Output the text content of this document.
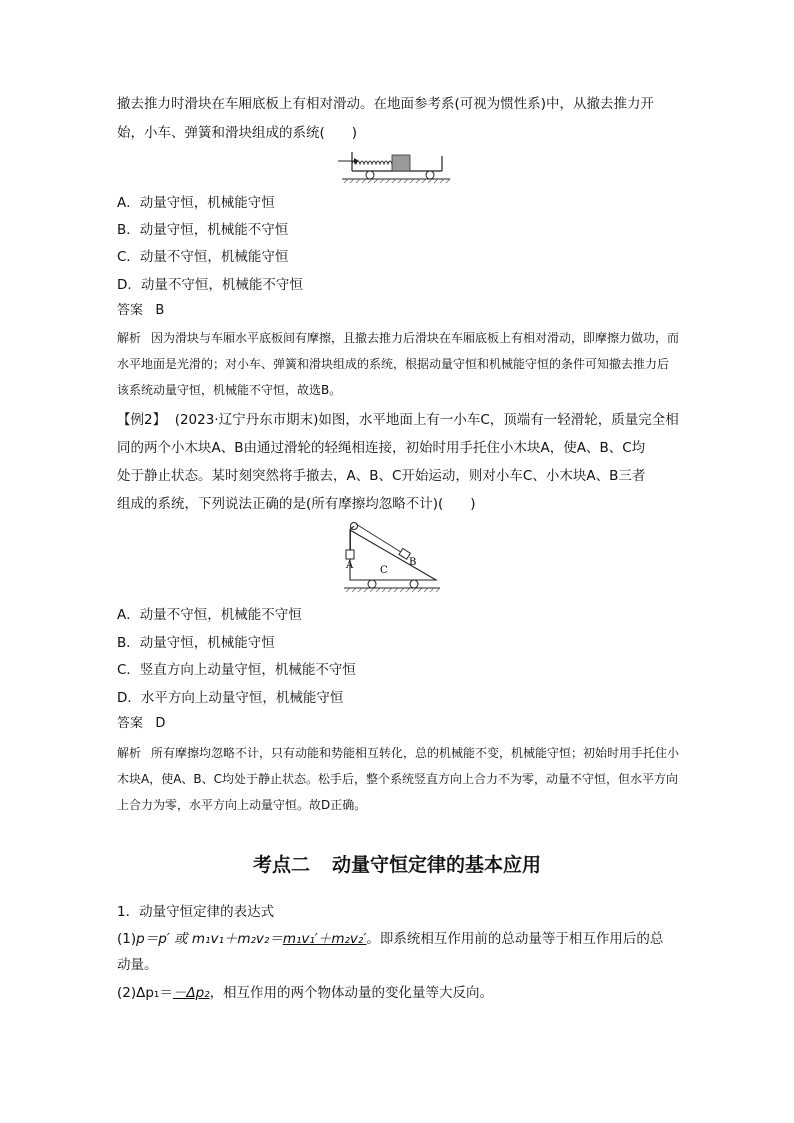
撤去推力时滑块在车厢底板上有相对滑动。在地面参考系(可视为惯性系)中，从撤去推力开
始，小车、弹簧和滑块组成的系统(　　)
A．动量守恒，机械能守恒
B．动量守恒，机械能不守恒
C．动量不守恒，机械能守恒
D．动量不守恒，机械能不守恒
答案 B
解析 因为滑块与车厢水平底板间有摩擦，且撤去推力后滑块在车厢底板上有相对滑动，即摩擦力做功，而水平地面是光滑的；对小车、弹簧和滑块组成的系统，根据动量守恒和机械能守恒的条件可知撤去推力后该系统动量守恒，机械能不守恒，故选B。
【例2】 (2023·辽宁丹东市期末)如图，水平地面上有一小车C，顶端有一轻滑轮，质量完全相
同的两个小木块A、B由通过滑轮的轻绳相连接，初始时用手托住小木块A，使A、B、C均
处于静止状态。某时刻突然将手撤去，A、B、C开始运动，则对小车C、小木块A、B三者
组成的系统，下列说法正确的是(所有摩擦均忽略不计)(　　)
A	B
C
A．动量不守恒，机械能不守恒
B．动量守恒，机械能守恒
C．竖直方向上动量守恒，机械能不守恒
D．水平方向上动量守恒，机械能守恒
答案 D
解析 所有摩擦均忽略不计，只有动能和势能相互转化，总的机械能不变，机械能守恒；初始时用手托住小木块A，使A、B、C均处于静止状态。松手后，整个系统竖直方向上合力不为零，动量不守恒，但水平方向上合力为零，水平方向上动量守恒。故D正确。
考点二 动量守恒定律的基本应用
1．动量守恒定律的表达式
(1)p＝p′ 或 m₁v₁＋m₂v₂＝m₁v₁′＋m₂v₂′。即系统相互作用前的总动量等于相互作用后的总
动量。
(2)Δp₁＝－Δp₂，相互作用的两个物体动量的变化量等大反向。
